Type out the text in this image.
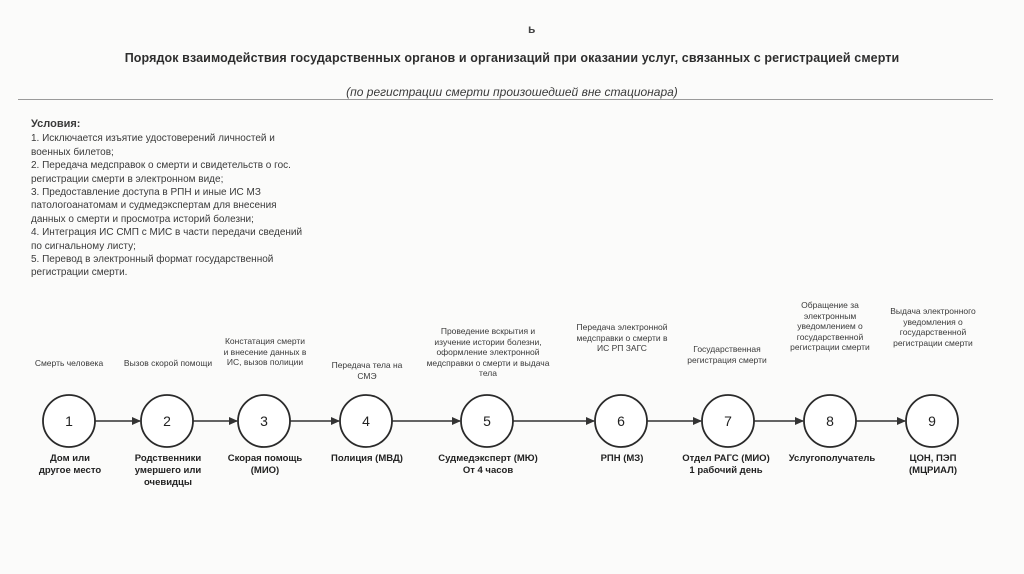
ь
Порядок взаимодействия государственных органов и организаций при оказании услуг, связанных с регистрацией смерти
(по регистрации смерти произошедшей вне стационара)
Условия:
1. Исключается изъятие удостоверений личностей и военных билетов;
2. Передача медсправок о смерти и свидетельств о гос. регистрации смерти в электронном виде;
3. Предоставление доступа в РПН и иные ИС МЗ патологоанатомам и судмедэкспертам для внесения данных о смерти и просмотра историй болезни;
4. Интеграция ИС СМП с МИС в части передачи сведений по сигнальному листу;
5. Перевод в электронный формат государственной регистрации смерти.
1	2	3	4	5	6	7	8	9
Смерть человека	Вызов скорой помощи
Констатация смерти и внесение данных в ИС, вызов полиции	Передача тела на СМЭ
Проведение вскрытия и изучение истории болезни, оформление электронной медсправки о смерти и выдача тела
Передача электронной медсправки о смерти в ИС РП ЗАГС	Государственная регистрация смерти
Обращение за электронным уведомлением о государственной регистрации смерти
Выдача электронного уведомления о государственной регистрации смерти
Дом или другое место
Родственники умершего или очевидцы
Скорая помощь (МИО)
Полиция (МВД)	Судмедэксперт (МЮ)
От 4 часов
РПН (МЗ)	Отдел РАГС (МИО)
1 рабочий день
Услугополучатель	ЦОН, ПЭП (МЦРИАЛ)
